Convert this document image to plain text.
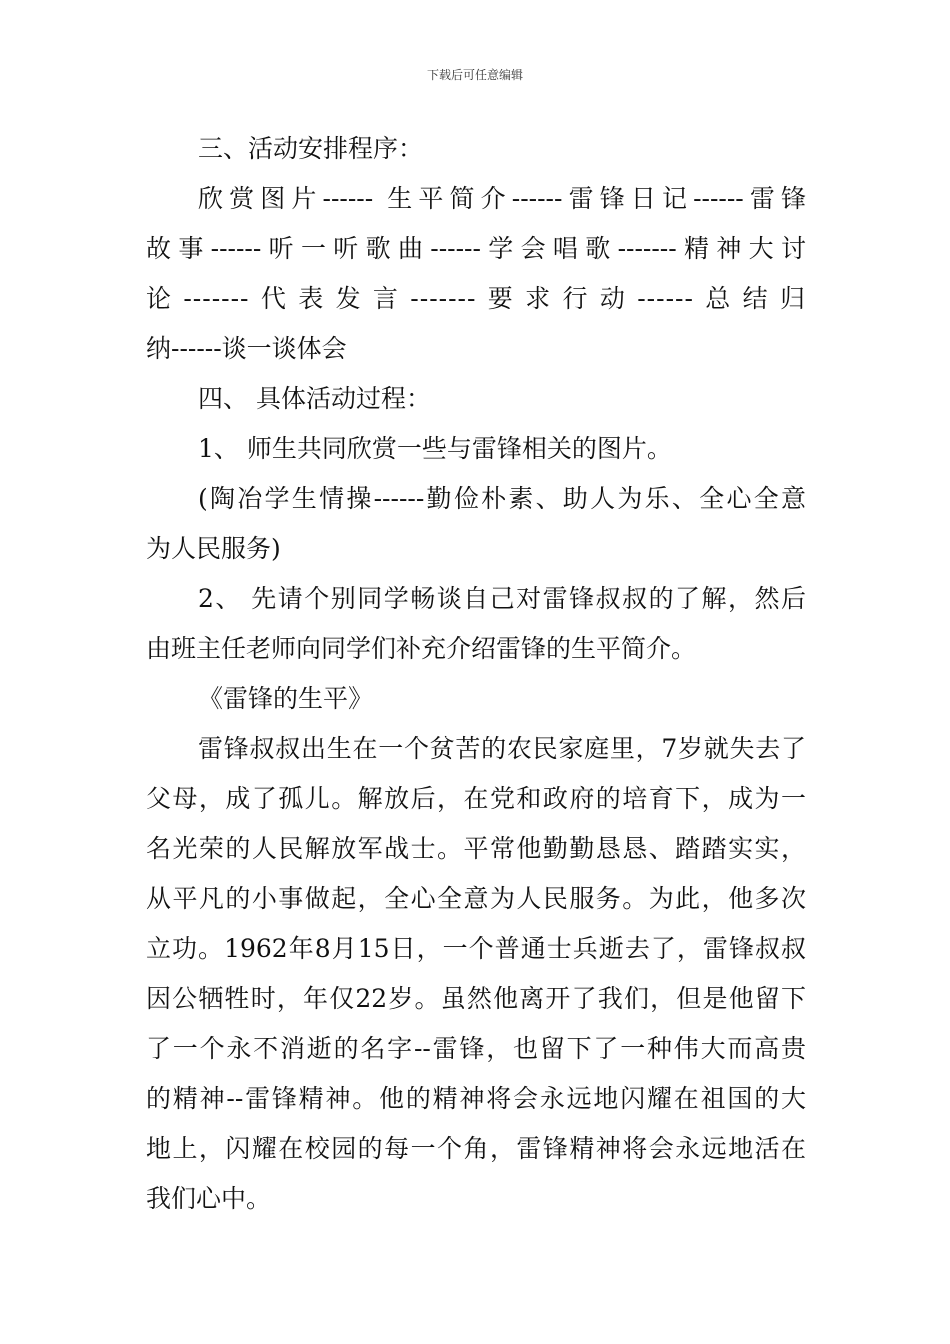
下载后可任意编辑
三、活动安排程序：
欣赏图片------ 生平简介------雷锋日记------雷锋
故事------听一听歌曲------学会唱歌-------精神大讨
论-------代表发言-------要求行动------总结归
纳------谈一谈体会
四、 具体活动过程：
1、 师生共同欣赏一些与雷锋相关的图片。
(陶冶学生情操------勤俭朴素、助人为乐、全心全意
为人民服务)
2、 先请个别同学畅谈自己对雷锋叔叔的了解，然后
由班主任老师向同学们补充介绍雷锋的生平简介。
《雷锋的生平》
雷锋叔叔出生在一个贫苦的农民家庭里，7岁就失去了
父母，成了孤儿。解放后，在党和政府的培育下，成为一
名光荣的人民解放军战士。平常他勤勤恳恳、踏踏实实，
从平凡的小事做起，全心全意为人民服务。为此，他多次
立功。1962年8月15日，一个普通士兵逝去了，雷锋叔叔
因公牺牲时，年仅22岁。虽然他离开了我们，但是他留下
了一个永不消逝的名字--雷锋，也留下了一种伟大而高贵
的精神--雷锋精神。他的精神将会永远地闪耀在祖国的大
地上，闪耀在校园的每一个角，雷锋精神将会永远地活在
我们心中。
